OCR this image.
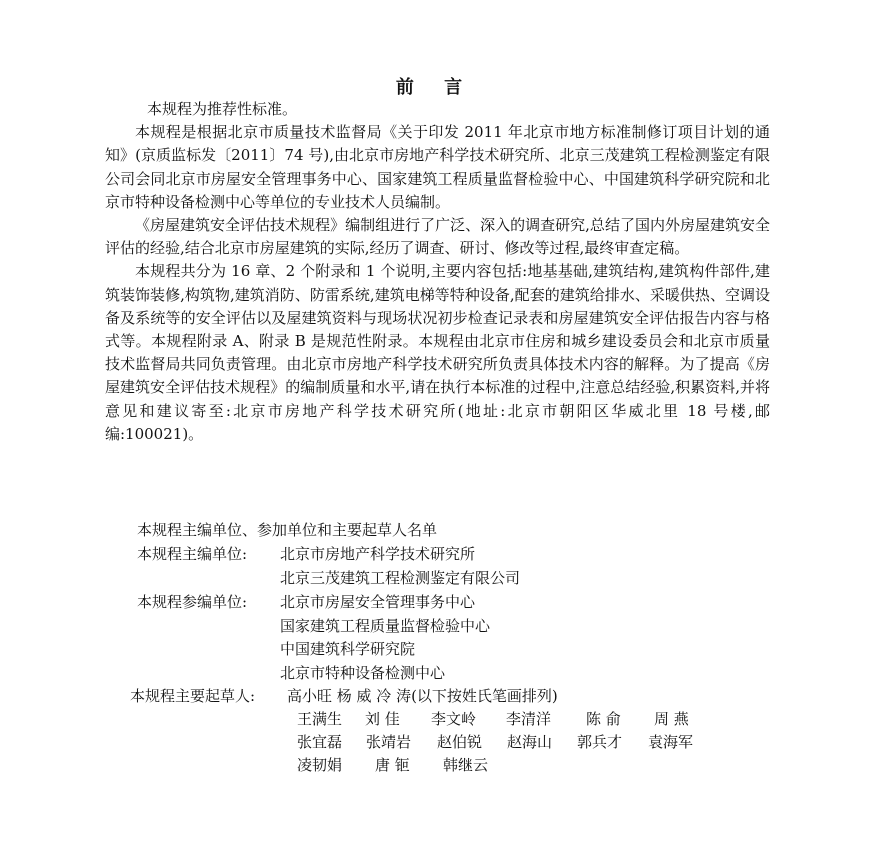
前 言

本规程为推荐性标准。

本规程是根据北京市质量技术监督局《关于印发 2011 年北京市地方标准制修订项目计划的通知》(京质监标发〔2011〕74 号),由北京市房地产科学技术研究所、北京三茂建筑工程检测鉴定有限公司会同北京市房屋安全管理事务中心、国家建筑工程质量监督检验中心、中国建筑科学研究院和北京市特种设备检测中心等单位的专业技术人员编制。

《房屋建筑安全评估技术规程》编制组进行了广泛、深入的调查研究,总结了国内外房屋建筑安全评估的经验,结合北京市房屋建筑的实际,经历了调查、研讨、修改等过程,最终审查定稿。

本规程共分为 16 章、2 个附录和 1 个说明,主要内容包括:地基基础,建筑结构,建筑构件部件,建筑装饰装修,构筑物,建筑消防、防雷系统,建筑电梯等特种设备,配套的建筑给排水、采暖供热、空调设备及系统等的安全评估以及屋建筑资料与现场状况初步检查记录表和房屋建筑安全评估报告内容与格式等。本规程附录 A、附录 B 是规范性附录。本规程由北京市住房和城乡建设委员会和北京市质量技术监督局共同负责管理。由北京市房地产科学技术研究所负责具体技术内容的解释。为了提高《房屋建筑安全评估技术规程》的编制质量和水平,请在执行本标准的过程中,注意总结经验,积累资料,并将意见和建议寄至:北京市房地产科学技术研究所(地址:北京市朝阳区华威北里 18 号楼,邮编:100021)。

本规程主编单位、参加单位和主要起草人名单
本规程主编单位: 北京市房地产科学技术研究所
北京三茂建筑工程检测鉴定有限公司
本规程参编单位: 北京市房屋安全管理事务中心
国家建筑工程质量监督检验中心
中国建筑科学研究院
北京市特种设备检测中心
本规程主要起草人: 高小旺 杨 威 冷 涛(以下按姓氏笔画排列)
王满生 刘 佳 李文岭 李清洋 陈 俞 周 燕
张宜磊 张靖岩 赵伯锐 赵海山 郭兵才 袁海军
凌韧娟 唐 钷 韩继云
